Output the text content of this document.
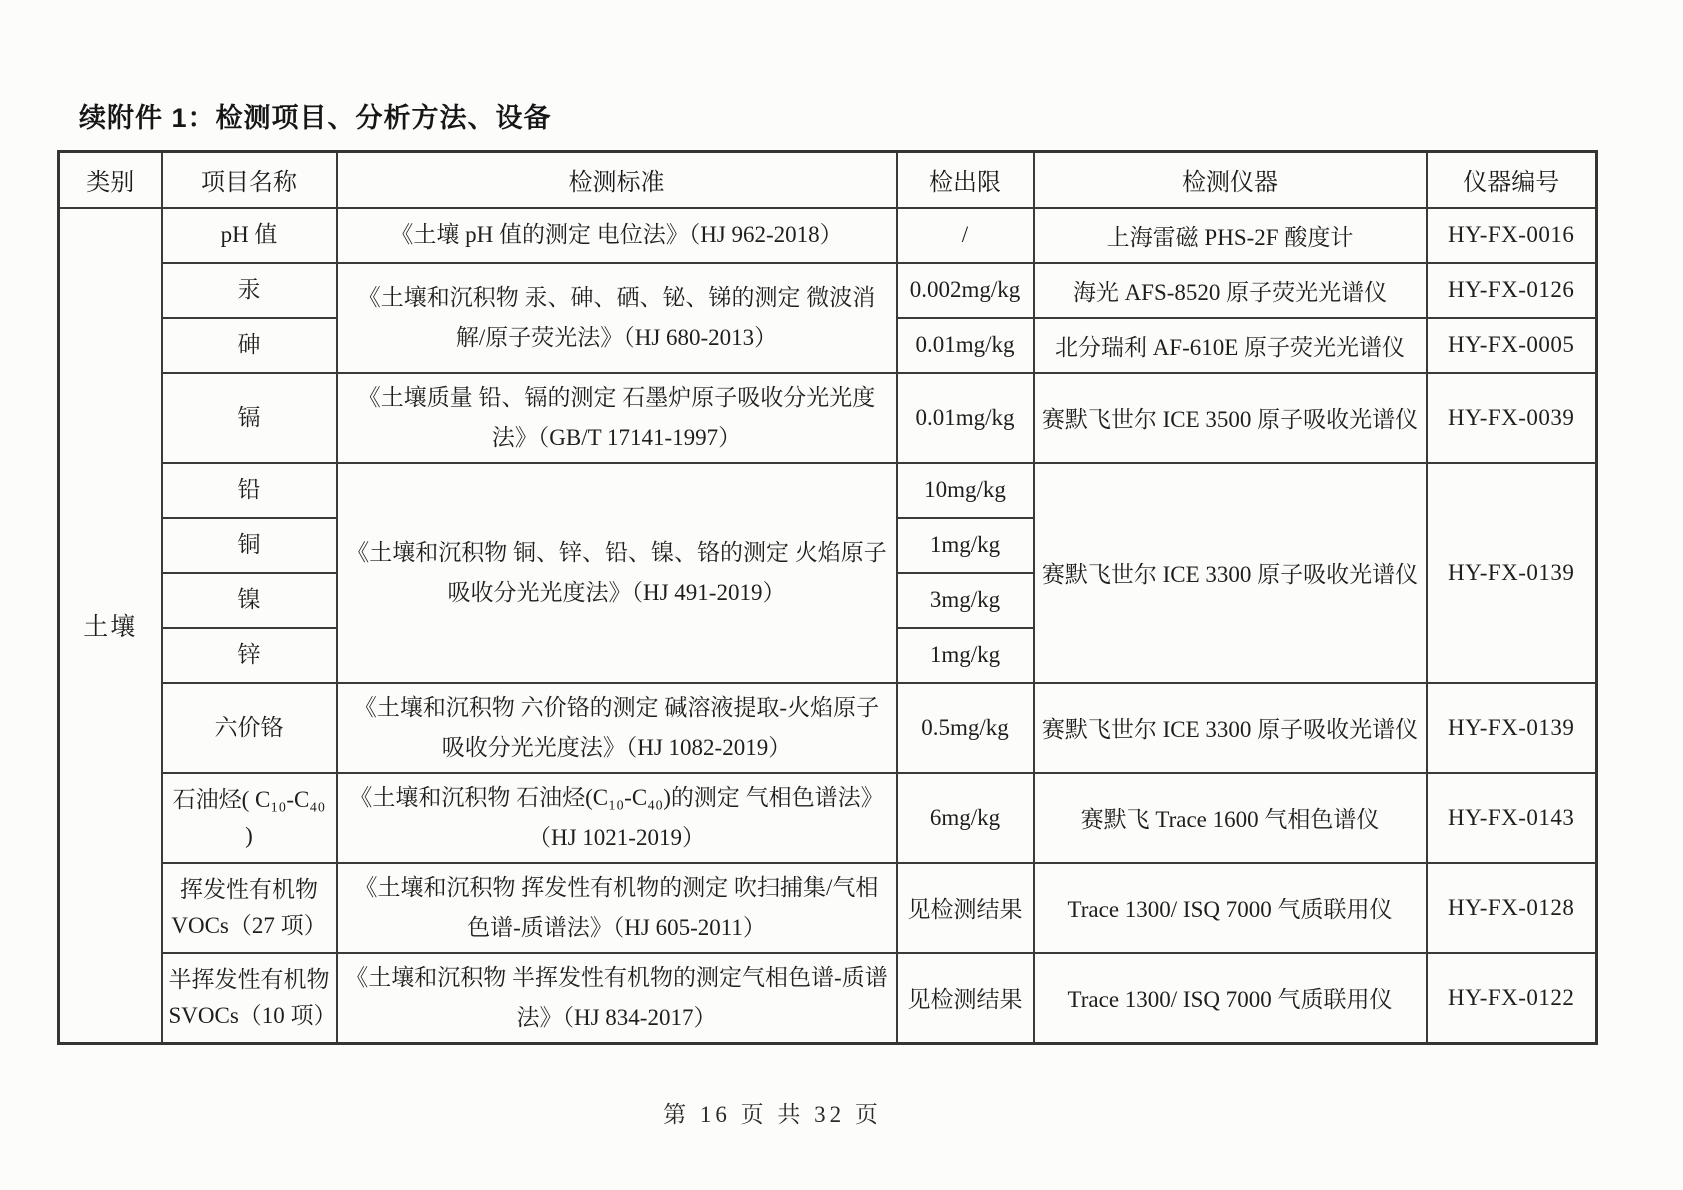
续附件 1：检测项目、分析方法、设备
类别	项目名称	检测标准	检出限	检测仪器	仪器编号
土壤	pH 值	《土壤 pH 值的测定 电位法》（HJ 962-2018）	/	上海雷磁 PHS-2F 酸度计	HY-FX-0016
	汞	《土壤和沉积物 汞、砷、硒、铋、锑的测定 微波消解/原子荧光法》（HJ 680-2013）	0.002mg/kg	海光 AFS-8520 原子荧光光谱仪	HY-FX-0126
	砷		0.01mg/kg	北分瑞利 AF-610E 原子荧光光谱仪	HY-FX-0005
	镉	《土壤质量 铅、镉的测定 石墨炉原子吸收分光光度法》（GB/T 17141-1997）	0.01mg/kg	赛默飞世尔 ICE 3500 原子吸收光谱仪	HY-FX-0039
	铅	《土壤和沉积物 铜、锌、铅、镍、铬的测定 火焰原子吸收分光光度法》（HJ 491-2019）	10mg/kg	赛默飞世尔 ICE 3300 原子吸收光谱仪	HY-FX-0139
	铜		1mg/kg		
	镍		3mg/kg		
	锌		1mg/kg		
	六价铬	《土壤和沉积物 六价铬的测定 碱溶液提取-火焰原子吸收分光光度法》（HJ 1082-2019）	0.5mg/kg	赛默飞世尔 ICE 3300 原子吸收光谱仪	HY-FX-0139
	石油烃( C₁₀-C₄₀ )	《土壤和沉积物 石油烃(C₁₀-C₄₀)的测定 气相色谱法》（HJ 1021-2019）	6mg/kg	赛默飞 Trace 1600 气相色谱仪	HY-FX-0143
	挥发性有机物 VOCs（27 项）	《土壤和沉积物 挥发性有机物的测定 吹扫捕集/气相色谱-质谱法》（HJ 605-2011）	见检测结果	Trace 1300/ ISQ 7000 气质联用仪	HY-FX-0128
	半挥发性有机物 SVOCs（10 项）	《土壤和沉积物 半挥发性有机物的测定气相色谱-质谱法》（HJ 834-2017）	见检测结果	Trace 1300/ ISQ 7000 气质联用仪	HY-FX-0122
第 16 页 共 32 页
